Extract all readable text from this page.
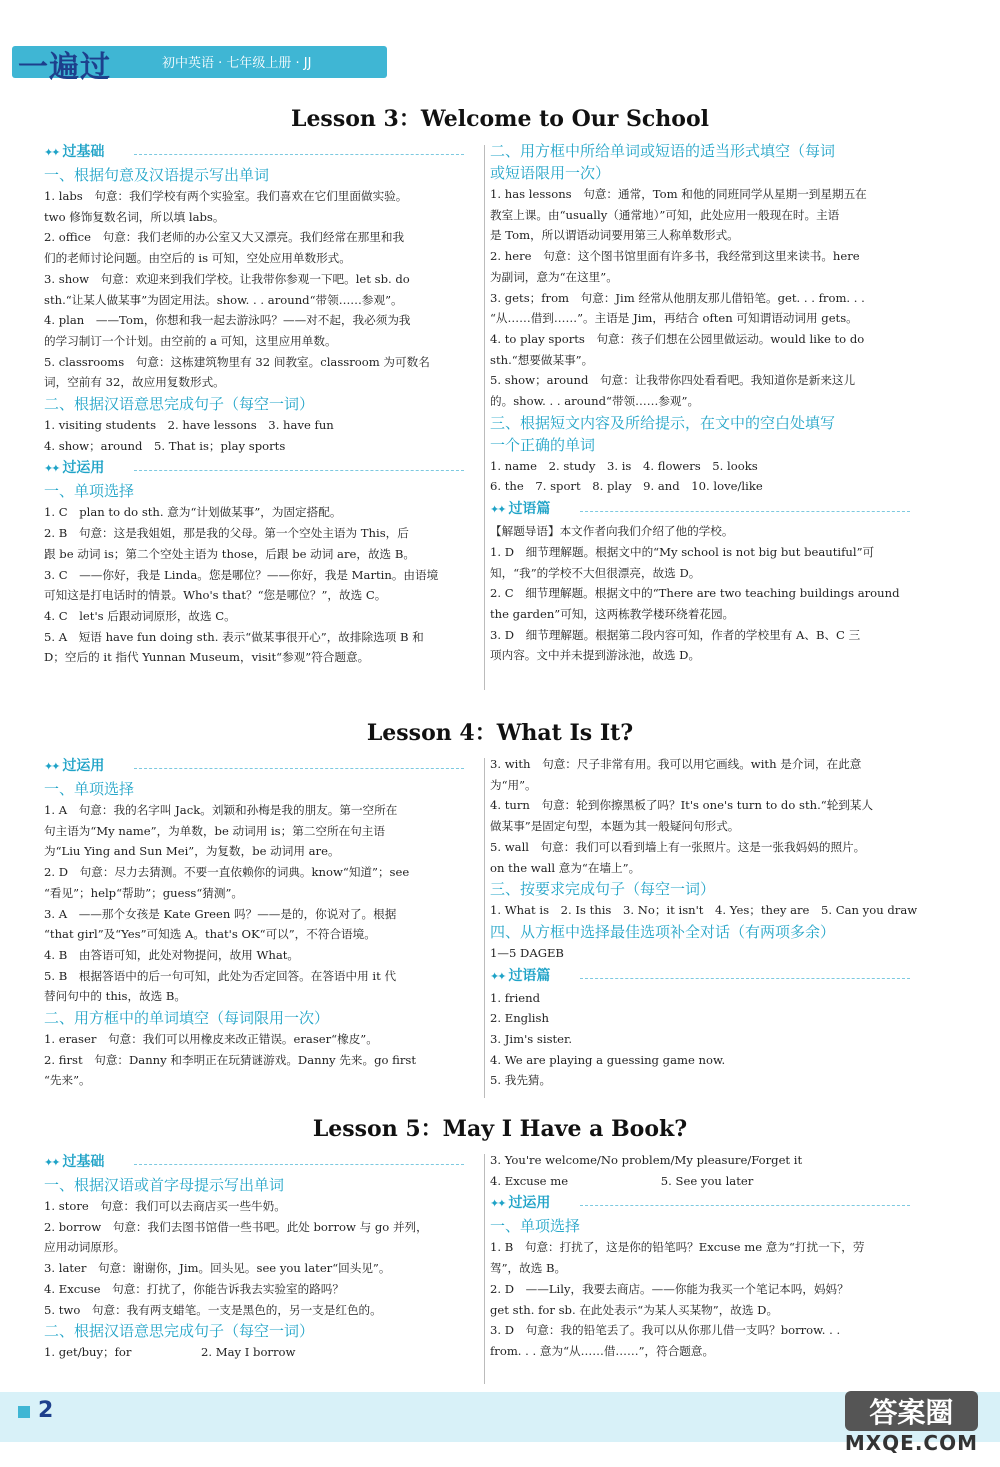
一遍过	初中英语 · 七年级上册 · JJ
Lesson 3：Welcome to Our School
✦✦ 过基础
一、根据句意及汉语提示写出单词

1. labs　句意：我们学校有两个实验室。我们喜欢在它们里面做实验。

two 修饰复数名词，所以填 labs。

2. office　句意：我们老师的办公室又大又漂亮。我们经常在那里和我

们的老师讨论问题。由空后的 is 可知，空处应用单数形式。

3. show　句意：欢迎来到我们学校。让我带你参观一下吧。let sb. do

sth.“让某人做某事”为固定用法。show. . . around“带领……参观”。

4. plan　——Tom，你想和我一起去游泳吗？——对不起，我必须为我

的学习制订一个计划。由空前的 a 可知，这里应用单数。

5. classrooms　句意：这栋建筑物里有 32 间教室。classroom 为可数名

词，空前有 32，故应用复数形式。

二、根据汉语意思完成句子（每空一词）

1. visiting students　2. have lessons　3. have fun

4. show；around　5. That is；play sports

✦✦ 过运用
一、单项选择

1. C　plan to do sth. 意为“计划做某事”，为固定搭配。

2. B　句意：这是我姐姐，那是我的父母。第一个空处主语为 This，后

跟 be 动词 is；第二个空处主语为 those，后跟 be 动词 are，故选 B。

3. C　——你好，我是 Linda。您是哪位？——你好，我是 Martin。由语境

可知这是打电话时的情景。Who's that？“您是哪位？”，故选 C。

4. C　let's 后跟动词原形，故选 C。

5. A　短语 have fun doing sth. 表示“做某事很开心”，故排除选项 B 和

D；空后的 it 指代 Yunnan Museum，visit“参观”符合题意。

二、用方框中所给单词或短语的适当形式填空（每词
或短语限用一次）

1. has lessons　句意：通常，Tom 和他的同班同学从星期一到星期五在

教室上课。由“usually（通常地）”可知，此处应用一般现在时。主语

是 Tom，所以谓语动词要用第三人称单数形式。

2. here　句意：这个图书馆里面有许多书，我经常到这里来读书。here

为副词，意为“在这里”。

3. gets；from　句意：Jim 经常从他朋友那儿借铅笔。get. . . from. . .

“从……借到……”。主语是 Jim，再结合 often 可知谓语动词用 gets。

4. to play sports　句意：孩子们想在公园里做运动。would like to do

sth.“想要做某事”。

5. show；around　句意：让我带你四处看看吧。我知道你是新来这儿

的。show. . . around“带领……参观”。

三、根据短文内容及所给提示，在文中的空白处填写
一个正确的单词

1. name　2. study　3. is　4. flowers　5. looks

6. the　7. sport　8. play　9. and　10. love/like

✦✦ 过语篇

【解题导语】本文作者向我们介绍了他的学校。

1. D　细节理解题。根据文中的“My school is not big but beautiful”可

知，“我”的学校不大但很漂亮，故选 D。

2. C　细节理解题。根据文中的“There are two teaching buildings around

the garden”可知，这两栋教学楼环绕着花园。

3. D　细节理解题。根据第二段内容可知，作者的学校里有 A、B、C 三

项内容。文中并未提到游泳池，故选 D。

Lesson 4：What Is It?
✦✦ 过运用
一、单项选择

1. A　句意：我的名字叫 Jack。刘颖和孙梅是我的朋友。第一空所在

句主语为“My name”，为单数，be 动词用 is；第二空所在句主语

为“Liu Ying and Sun Mei”，为复数，be 动词用 are。

2. D　句意：尽力去猜测。不要一直依赖你的词典。know“知道”；see

“看见”；help“帮助”；guess“猜测”。

3. A　——那个女孩是 Kate Green 吗？——是的，你说对了。根据

“that girl”及“Yes”可知选 A。that's OK“可以”，不符合语境。

4. B　由答语可知，此处对物提问，故用 What。

5. B　根据答语中的后一句可知，此处为否定回答。在答语中用 it 代

替问句中的 this，故选 B。

二、用方框中的单词填空（每词限用一次）

1. eraser　句意：我们可以用橡皮来改正错误。eraser“橡皮”。

2. first　句意：Danny 和李明正在玩猜谜游戏。Danny 先来。go first

“先来”。

3. with　句意：尺子非常有用。我可以用它画线。with 是介词，在此意

为“用”。

4. turn　句意：轮到你擦黑板了吗？It's one's turn to do sth.“轮到某人

做某事”是固定句型，本题为其一般疑问句形式。

5. wall　句意：我们可以看到墙上有一张照片。这是一张我妈妈的照片。

on the wall 意为“在墙上”。

三、按要求完成句子（每空一词）

1. What is　2. Is this　3. No；it isn't　4. Yes；they are　5. Can you draw

四、从方框中选择最佳选项补全对话（有两项多余）

1—5 DAGEB

✦✦ 过语篇

1. friend

2. English

3. Jim's sister.

4. We are playing a guessing game now.

5. 我先猜。

Lesson 5：May I Have a Book?
✦✦ 过基础
一、根据汉语或首字母提示写出单词

1. store　句意：我们可以去商店买一些牛奶。

2. borrow　句意：我们去图书馆借一些书吧。此处 borrow 与 go 并列，

应用动词原形。

3. later　句意：谢谢你，Jim。回头见。see you later“回头见”。

4. Excuse　句意：打扰了，你能告诉我去实验室的路吗？

5. two　句意：我有两支蜡笔。一支是黑色的，另一支是红色的。

二、根据汉语意思完成句子（每空一词）

1. get/buy；for　　　　　　2. May I borrow

3. You're welcome/No problem/My pleasure/Forget it

4. Excuse me　　　　　　　　5. See you later

✦✦ 过运用
一、单项选择

1. B　句意：打扰了，这是你的铅笔吗？Excuse me 意为“打扰一下，劳

驾”，故选 B。

2. D　——Lily，我要去商店。——你能为我买一个笔记本吗，妈妈？

get sth. for sb. 在此处表示“为某人买某物”，故选 D。

3. D　句意：我的铅笔丢了。我可以从你那儿借一支吗？borrow. . .

from. . . 意为“从……借……”，符合题意。

2	答案圈
MXQE.COM
